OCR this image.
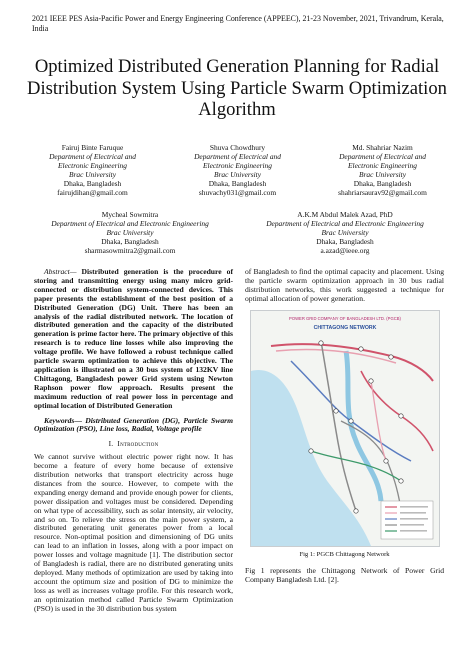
2021 IEEE PES Asia-Pacific Power and Energy Engineering Conference (APPEEC), 21-23 November, 2021, Trivandrum, Kerala, India
Optimized Distributed Generation Planning for Radial Distribution System Using Particle Swarm Optimization Algorithm
Fairuj Binte Faruque
Department of Electrical and
Electronic Engineering
Brac University
Dhaka, Bangladesh
fairujdihan@gmail.com
Shuva Chowdhury
Department of Electrical and
Electronic Engineering
Brac University
Dhaka, Bangladesh
shuvachy031@gmail.com
Md. Shahriar Nazim
Department of Electrical and
Electronic Engineering
Brac University
Dhaka, Bangladesh
shahriarsaurav92@gmail.com
Mycheal Sowmitra
Department of Electrical and Electronic Engineering
Brac University
Dhaka, Bangladesh
sharmasowmitra2@gmail.com
A.K.M Abdul Malek Azad, PhD
Department of Electrical and Electronic Engineering
Brac University
Dhaka, Bangladesh
a.azad@ieee.org

Abstract— Distributed generation is the procedure of storing and transmitting energy using many micro grid-connected or distribution system-connected devices. This paper presents the establishment of the best position of a Distributed Generation (DG) Unit. There has been an analysis of the radial distributed network. The location of distributed generation and the capacity of the distributed generation is prime factor here. The primary objective of this research is to reduce line losses while also improving the voltage profile. We have followed a robust technique called particle swarm optimization to achieve this objective. The application is illustrated on a 30 bus system of 132KV line Chittagong, Bangladesh power Grid system using Newton Raphson power flow approach. Results present the maximum reduction of real power loss in percentage and optimal location of Distributed Generation

Keywords— Distributed Generation (DG), Particle Swarm Optimization (PSO), Line loss, Radial, Voltage profile

I. Introduction

We cannot survive without electric power right now. It has become a feature of every home because of extensive distribution networks that transport electricity across huge distances from the source. However, to compete with the expanding energy demand and provide enough power for clients, power dissipation and voltages must be considered. Depending on what type of accessibility, such as solar intensity, air velocity, and so on. To relieve the stress on the main power system, a distributed generating unit generates power from a local resource. Non-optimal position and dimensioning of DG units can lead to an inflation in losses, along with a poor impact on power losses and voltage magnitude [1]. The distribution sector of Bangladesh is radial, there are no distributed generating units deployed. Many methods of optimization are used by taking into account the optimum size and position of DG to minimize the loss as well as increases voltage profile. For this research work, an optimization method called Particle Swarm Optimization (PSO) is used in the 30 distribution bus system

of Bangladesh to find the optimal capacity and placement. Using the particle swarm optimization approach in 30 bus radial distribution networks, this work suggested a technique for optimal allocation of power generation.

POWER GRID COMPANY OF BANGLADESH LTD. (PGCB)
CHITTAGONG NETWORK
Fig 1: PGCB Chittagong Network
Fig 1 represents the Chittagong Network of Power Grid Company Bangladesh Ltd. [2].
